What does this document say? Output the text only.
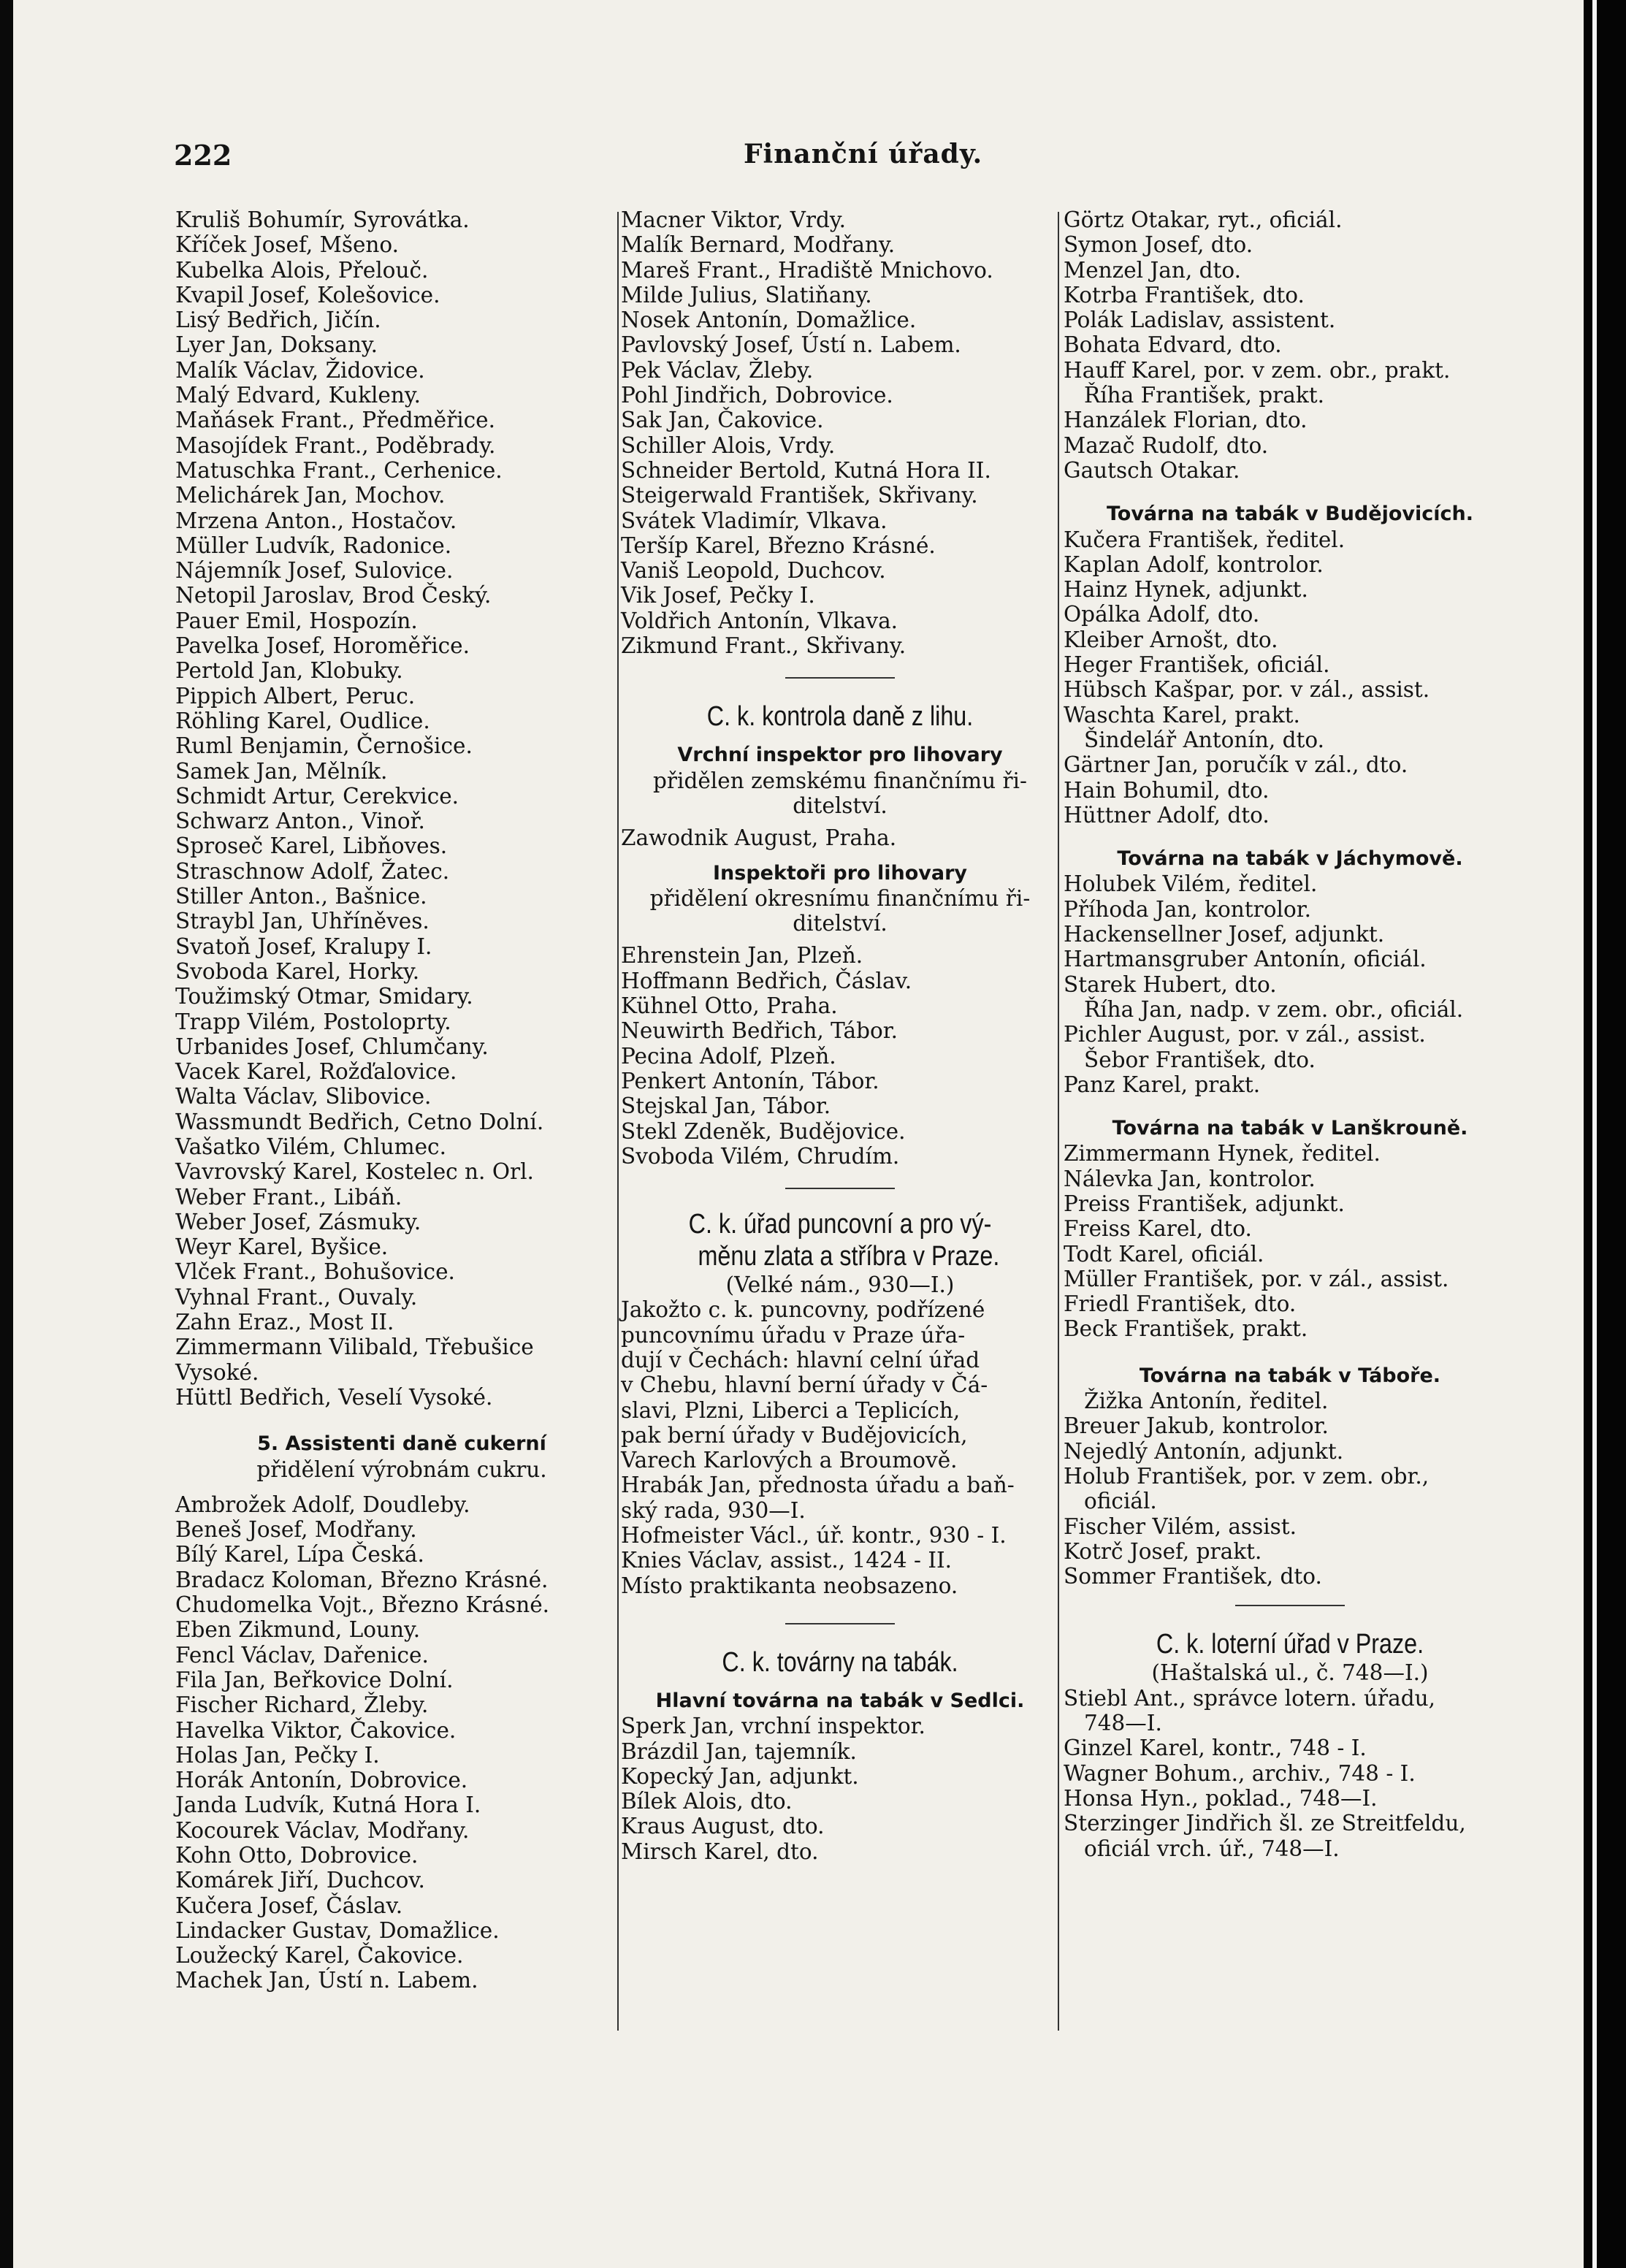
222	Finanční úřady.
Kruliš Bohumír, Syrovátka.
Kříček Josef, Mšeno.
Kubelka Alois, Přelouč.
Kvapil Josef, Kolešovice.
Lisý Bedřich, Jičín.
Lyer Jan, Doksany.
Malík Václav, Židovice.
Malý Edvard, Kukleny.
Maňásek Frant., Předměřice.
Masojídek Frant., Poděbrady.
Matuschka Frant., Cerhenice.
Melichárek Jan, Mochov.
Mrzena Anton., Hostačov.
Müller Ludvík, Radonice.
Nájemník Josef, Sulovice.
Netopil Jaroslav, Brod Český.
Pauer Emil, Hospozín.
Pavelka Josef, Horoměřice.
Pertold Jan, Klobuky.
Pippich Albert, Peruc.
Röhling Karel, Oudlice.
Ruml Benjamin, Černošice.
Samek Jan, Mělník.
Schmidt Artur, Cerekvice.
Schwarz Anton., Vinoř.
Sproseč Karel, Libňoves.
Straschnow Adolf, Žatec.
Stiller Anton., Bašnice.
Straybl Jan, Uhříněves.
Svatoň Josef, Kralupy I.
Svoboda Karel, Horky.
Toužimský Otmar, Smidary.
Trapp Vilém, Postoloprty.
Urbanides Josef, Chlumčany.
Vacek Karel, Rožďalovice.
Walta Václav, Slibovice.
Wassmundt Bedřich, Cetno Dolní.
Vašatko Vilém, Chlumec.
Vavrovský Karel, Kostelec n. Orl.
Weber Frant., Libáň.
Weber Josef, Zásmuky.
Weyr Karel, Byšice.
Vlček Frant., Bohušovice.
Vyhnal Frant., Ouvaly.
Zahn Eraz., Most II.
Zimmermann Vilibald, Třebušice
Vysoké.
Hüttl Bedřich, Veselí Vysoké.
5. Assistenti daně cukerní
přidělení výrobnám cukru.
Ambrožek Adolf, Doudleby.
Beneš Josef, Modřany.
Bílý Karel, Lípa Česká.
Bradacz Koloman, Březno Krásné.
Chudomelka Vojt., Březno Krásné.
Eben Zikmund, Louny.
Fencl Václav, Dařenice.
Fila Jan, Beřkovice Dolní.
Fischer Richard, Žleby.
Havelka Viktor, Čakovice.
Holas Jan, Pečky I.
Horák Antonín, Dobrovice.
Janda Ludvík, Kutná Hora I.
Kocourek Václav, Modřany.
Kohn Otto, Dobrovice.
Komárek Jiří, Duchcov.
Kučera Josef, Čáslav.
Lindacker Gustav, Domažlice.
Loužecký Karel, Čakovice.
Machek Jan, Ústí n. Labem.
Macner Viktor, Vrdy.
Malík Bernard, Modřany.
Mareš Frant., Hradiště Mnichovo.
Milde Julius, Slatiňany.
Nosek Antonín, Domažlice.
Pavlovský Josef, Ústí n. Labem.
Pek Václav, Žleby.
Pohl Jindřich, Dobrovice.
Sak Jan, Čakovice.
Schiller Alois, Vrdy.
Schneider Bertold, Kutná Hora II.
Steigerwald František, Skřivany.
Svátek Vladimír, Vlkava.
Teršíp Karel, Březno Krásné.
Vaniš Leopold, Duchcov.
Vik Josef, Pečky I.
Voldřich Antonín, Vlkava.
Zikmund Frant., Skřivany.
C. k. kontrola daně z lihu.
Vrchní inspektor pro lihovary
přidělen zemskému finančnímu ři-
ditelství.
Zawodnik August, Praha.
Inspektoři pro lihovary
přidělení okresnímu finančnímu ři-
ditelství.
Ehrenstein Jan, Plzeň.
Hoffmann Bedřich, Čáslav.
Kühnel Otto, Praha.
Neuwirth Bedřich, Tábor.
Pecina Adolf, Plzeň.
Penkert Antonín, Tábor.
Stejskal Jan, Tábor.
Stekl Zdeněk, Budějovice.
Svoboda Vilém, Chrudím.
C. k. úřad puncovní a pro vý-
měnu zlata a stříbra v Praze.
(Velké nám., 930—I.)
Jakožto c. k. puncovny, podřízené
puncovnímu úřadu v Praze úřa-
dují v Čechách: hlavní celní úřad
v Chebu, hlavní berní úřady v Čá-
slavi, Plzni, Liberci a Teplicích,
pak berní úřady v Budějovicích,
Varech Karlových a Broumově.
Hrabák Jan, přednosta úřadu a baň-
ský rada, 930—I.
Hofmeister Václ., úř. kontr., 930 - I.
Knies Václav, assist., 1424 - II.
Místo praktikanta neobsazeno.
C. k. továrny na tabák.
Hlavní továrna na tabák v Sedlci.
Sperk Jan, vrchní inspektor.
Brázdil Jan, tajemník.
Kopecký Jan, adjunkt.
Bílek Alois, dto.
Kraus August, dto.
Mirsch Karel, dto.
Görtz Otakar, ryt., oficiál.
Symon Josef, dto.
Menzel Jan, dto.
Kotrba František, dto.
Polák Ladislav, assistent.
Bohata Edvard, dto.
Hauff Karel, por. v zem. obr., prakt.
Říha František, prakt.
Hanzálek Florian, dto.
Mazač Rudolf, dto.
Gautsch Otakar.
Továrna na tabák v Budějovicích.
Kučera František, ředitel.
Kaplan Adolf, kontrolor.
Hainz Hynek, adjunkt.
Opálka Adolf, dto.
Kleiber Arnošt, dto.
Heger František, oficiál.
Hübsch Kašpar, por. v zál., assist.
Waschta Karel, prakt.
Šindelář Antonín, dto.
Gärtner Jan, poručík v zál., dto.
Hain Bohumil, dto.
Hüttner Adolf, dto.
Továrna na tabák v Jáchymově.
Holubek Vilém, ředitel.
Příhoda Jan, kontrolor.
Hackensellner Josef, adjunkt.
Hartmansgruber Antonín, oficiál.
Starek Hubert, dto.
Říha Jan, nadp. v zem. obr., oficiál.
Pichler August, por. v zál., assist.
Šebor František, dto.
Panz Karel, prakt.
Továrna na tabák v Lanškrouně.
Zimmermann Hynek, ředitel.
Nálevka Jan, kontrolor.
Preiss František, adjunkt.
Freiss Karel, dto.
Todt Karel, oficiál.
Müller František, por. v zál., assist.
Friedl František, dto.
Beck František, prakt.
Továrna na tabák v Táboře.
Žižka Antonín, ředitel.
Breuer Jakub, kontrolor.
Nejedlý Antonín, adjunkt.
Holub František, por. v zem. obr.,
oficiál.
Fischer Vilém, assist.
Kotrč Josef, prakt.
Sommer František, dto.
C. k. loterní úřad v Praze.
(Haštalská ul., č. 748—I.)
Stiebl Ant., správce lotern. úřadu,
748—I.
Ginzel Karel, kontr., 748 - I.
Wagner Bohum., archiv., 748 - I.
Honsa Hyn., poklad., 748—I.
Sterzinger Jindřich šl. ze Streitfeldu,
oficiál vrch. úř., 748—I.
